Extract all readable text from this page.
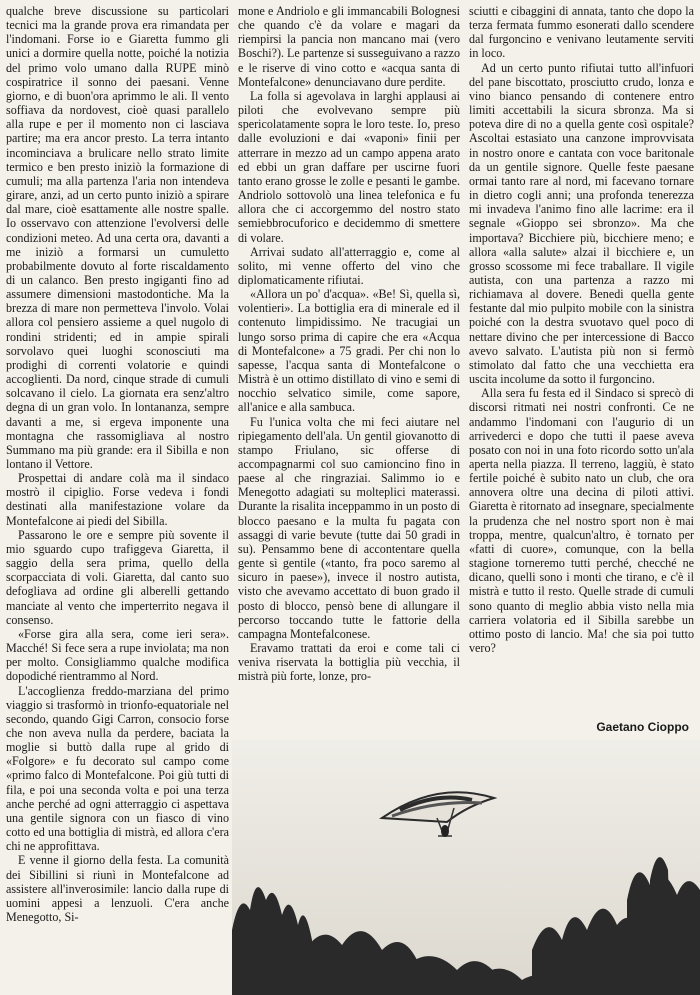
qualche breve discussione su particolari tecnici ma la grande prova era rimandata per l'indomani. Forse io e Giaretta fummo gli unici a dormire quella notte, poiché la notizia del primo volo umano dalla RUPE minò cospiratrice il sonno dei paesani. Venne giorno, e di buon'ora aprimmo le ali. Il vento soffiava da nordovest, cioè quasi parallelo alla rupe e per il momento non ci lasciava partire; ma era ancor presto. La terra intanto incominciava a brulicare nello strato limite termico e ben presto iniziò la formazione di cumuli; ma alla partenza l'aria non intendeva girare, anzi, ad un certo punto iniziò a spirare dal mare, cioè esattamente alle nostre spalle. Io osservavo con attenzione l'evolversi delle condizioni meteo. Ad una certa ora, davanti a me iniziò a formarsi un cumuletto probabilmente dovuto al forte riscaldamento di un calanco. Ben presto ingiganti fino ad assumere dimensioni mastodontiche. Ma la brezza di mare non permetteva l'involo. Volai allora col pensiero assieme a quel nugolo di rondini stridenti; ed in ampie spirali sorvolavo quei luoghi sconosciuti ma prodighi di correnti volatorie e quindi accoglienti. Da nord, cinque strade di cumuli solcavano il cielo. La giornata era senz'altro degna di un gran volo. In lontananza, sempre davanti a me, si ergeva imponente una montagna che rassomigliava al nostro Summano ma più grande: era il Sibilla e non lontano il Vettore.

Prospettai di andare colà ma il sindaco mostrò il cipiglio. Forse vedeva i fondi destinati alla manifestazione volare da Montefalcone ai piedi del Sibilla.

Passarono le ore e sempre più sovente il mio sguardo cupo trafiggeva Giaretta, il saggio della sera prima, quello della scorpacciata di voli. Giaretta, dal canto suo defogliava ad ordine gli alberelli gettando manciate al vento che imperterrito negava il consenso.

«Forse gira alla sera, come ieri sera». Macché! Si fece sera a rupe inviolata; ma non per molto. Consigliammo qualche modifica dopodiché rientrammo al Nord.

L'accoglienza freddo-marziana del primo viaggio si trasformò in trionfo-equatoriale nel secondo, quando Gigi Carron, consocio forse che non aveva nulla da perdere, baciata la moglie si buttò dalla rupe al grido di «Folgore» e fu decorato sul campo come «primo falco di Montefalcone. Poi giù tutti di fila, e poi una seconda volta e poi una terza anche perché ad ogni atterraggio ci aspettava una gentile signora con un fiasco di vino cotto ed una bottiglia di mistrà, ed allora c'era chi ne approfittava.

E venne il giorno della festa. La comunità dei Sibillini si riunì in Montefalcone ad assistere all'inverosimile: lancio dalla rupe di uomini appesi a lenzuoli. C'era anche Menegotto, Si-

mone e Andriolo e gli immancabili Bolognesi che quando c'è da volare e magari da riempirsi la pancia non mancano mai (vero Boschi?). Le partenze si susseguivano a razzo e le riserve di vino cotto e «acqua santa di Montefalcone» denunciavano dure perdite.

La folla si agevolava in larghi applausi ai piloti che evolvevano sempre più spericolatamente sopra le loro teste. Io, preso dalle evoluzioni e dai «vaponi» finii per atterrare in mezzo ad un campo appena arato ed ebbi un gran daffare per uscirne fuori tanto erano grosse le zolle e pesanti le gambe. Andriolo sottovolò una linea telefonica e fu allora che ci accorgemmo del nostro stato semiebbrocuforico e decidemmo di smettere di volare.

Arrivai sudato all'atterraggio e, come al solito, mi venne offerto del vino che diplomaticamente rifiutai.

«Allora un po' d'acqua». «Be! Sì, quella sì, volentieri». La bottiglia era di minerale ed il contenuto limpidissimo. Ne tracugiai un lungo sorso prima di capire che era «Acqua di Montefalcone» a 75 gradi. Per chi non lo sapesse, l'acqua santa di Montefalcone o Mistrà è un ottimo distillato di vino e semi di nocchio selvatico simile, come sapore, all'anice e alla sambuca.

Fu l'unica volta che mi feci aiutare nel ripiegamento dell'ala. Un gentil giovanotto di stampo Friulano, sic offerse di accompagnarmi col suo camioncino fino in paese al che ringraziai. Salimmo io e Menegotto adagiati su molteplici materassi. Durante la risalita inceppammo in un posto di blocco paesano e la multa fu pagata con assaggi di varie bevute (tutte dai 50 gradi in su). Pensammo bene di accontentare quella gente sì gentile («tanto, fra poco saremo al sicuro in paese»), invece il nostro autista, visto che avevamo accettato di buon grado il posto di blocco, pensò bene di allungare il percorso toccando tutte le fattorie della campagna Montefalconese.

Eravamo trattati da eroi e come tali ci veniva riservata la bottiglia più vecchia, il mistrà più forte, lonze, pro-

sciutti e cibaggini di annata, tanto che dopo la terza fermata fummo esonerati dallo scendere dal furgoncino e venivano leutamente serviti in loco.

Ad un certo punto rifiutai tutto all'infuori del pane biscottato, prosciutto crudo, lonza e vino bianco pensando di contenere entro limiti accettabili la sicura sbronza. Ma si poteva dire di no a quella gente così ospitale? Ascoltai estasiato una canzone improvvisata in nostro onore e cantata con voce baritonale da un gentile signore. Quelle feste paesane ormai tanto rare al nord, mi facevano tornare in dietro cogli anni; una profonda tenerezza mi invadeva l'animo fino alle lacrime: era il segnale «Gioppo sei sbronzo». Ma che importava? Bicchiere più, bicchiere meno; e allora «alla salute» alzai il bicchiere e, un grosso scossome mi fece traballare. Il vigile autista, con una partenza a razzo mi richiamava al dovere. Benedi quella gente festante dal mio pulpito mobile con la sinistra poiché con la destra svuotavo quel poco di nettare divino che per intercessione di Bacco avevo salvato. L'autista più non si fermò stimolato dal fatto che una vecchietta era uscita incolume da sotto il furgoncino.

Alla sera fu festa ed il Sindaco si sprecò di discorsi ritmati nei nostri confronti. Ce ne andammo l'indomani con l'augurio di un arrivederci e dopo che tutti il paese aveva posato con noi in una foto ricordo sotto un'ala aperta nella piazza. Il terreno, laggiù, è stato fertile poiché è subito nato un club, che ora annovera oltre una decina di piloti attivi. Giaretta è ritornato ad insegnare, specialmente la prudenza che nel nostro sport non è mai troppa, mentre, qualcun'altro, è tornato per «fatti di cuore», comunque, con la bella stagione torneremo tutti perché, checché ne dicano, quelli sono i monti che tirano, e c'è il mistrà e tutto il resto. Quelle strade di cumuli sono quanto di meglio abbia visto nella mia carriera volatoria ed il Sibilla sarebbe un ottimo posto di lancio. Ma! che sia poi tutto vero?

Gaetano Cioppo
